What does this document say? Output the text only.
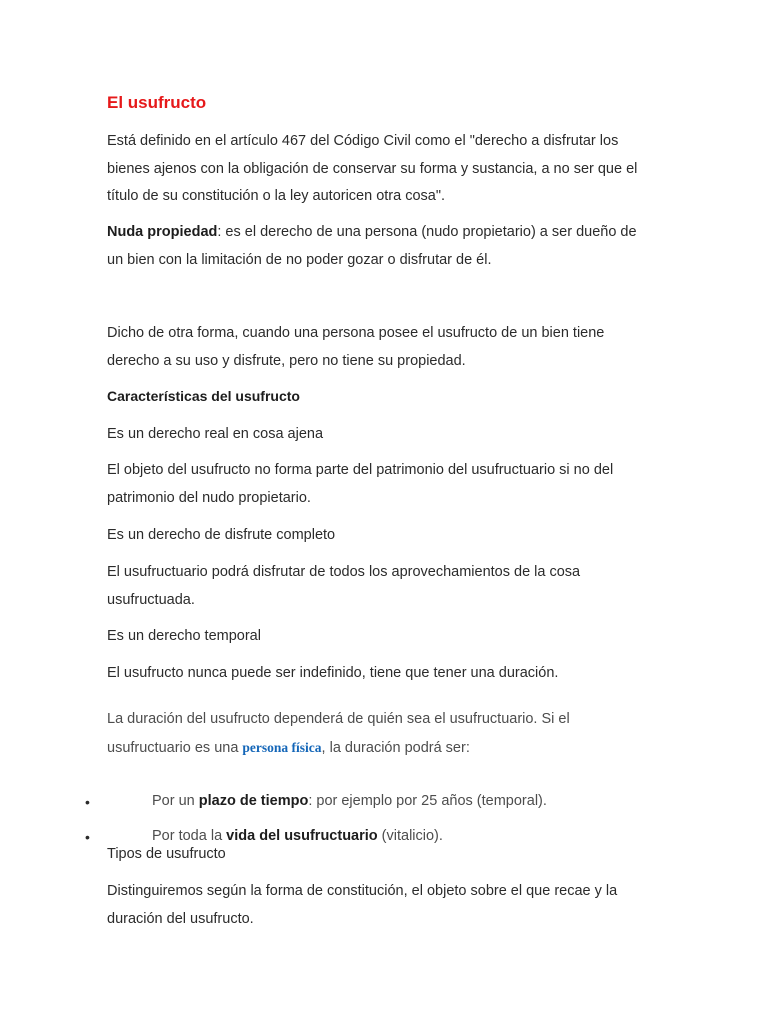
El usufructo
Está definido en el artículo 467 del Código Civil como el "derecho a disfrutar los
bienes ajenos con la obligación de conservar su forma y sustancia, a no ser que el
título de su constitución o la ley autoricen otra cosa".
Nuda propiedad: es el derecho de una persona (nudo propietario) a ser dueño de
un bien con la limitación de no poder gozar o disfrutar de él.
Dicho de otra forma, cuando una persona posee el usufructo de un bien tiene
derecho a su uso y disfrute, pero no tiene su propiedad.
Características del usufructo
Es un derecho real en cosa ajena
El objeto del usufructo no forma parte del patrimonio del usufructuario si no del
patrimonio del nudo propietario.
Es un derecho de disfrute completo
El usufructuario podrá disfrutar de todos los aprovechamientos de la cosa
usufructuada.
Es un derecho temporal
El usufructo nunca puede ser indefinido, tiene que tener una duración.
La duración del usufructo dependerá de quién sea el usufructuario. Si el
usufructuario es una persona física, la duración podrá ser:
•	Por un plazo de tiempo: por ejemplo por 25 años (temporal).
•	Por toda la vida del usufructuario (vitalicio).
Tipos de usufructo
Distinguiremos según la forma de constitución, el objeto sobre el que recae y la
duración del usufructo.
